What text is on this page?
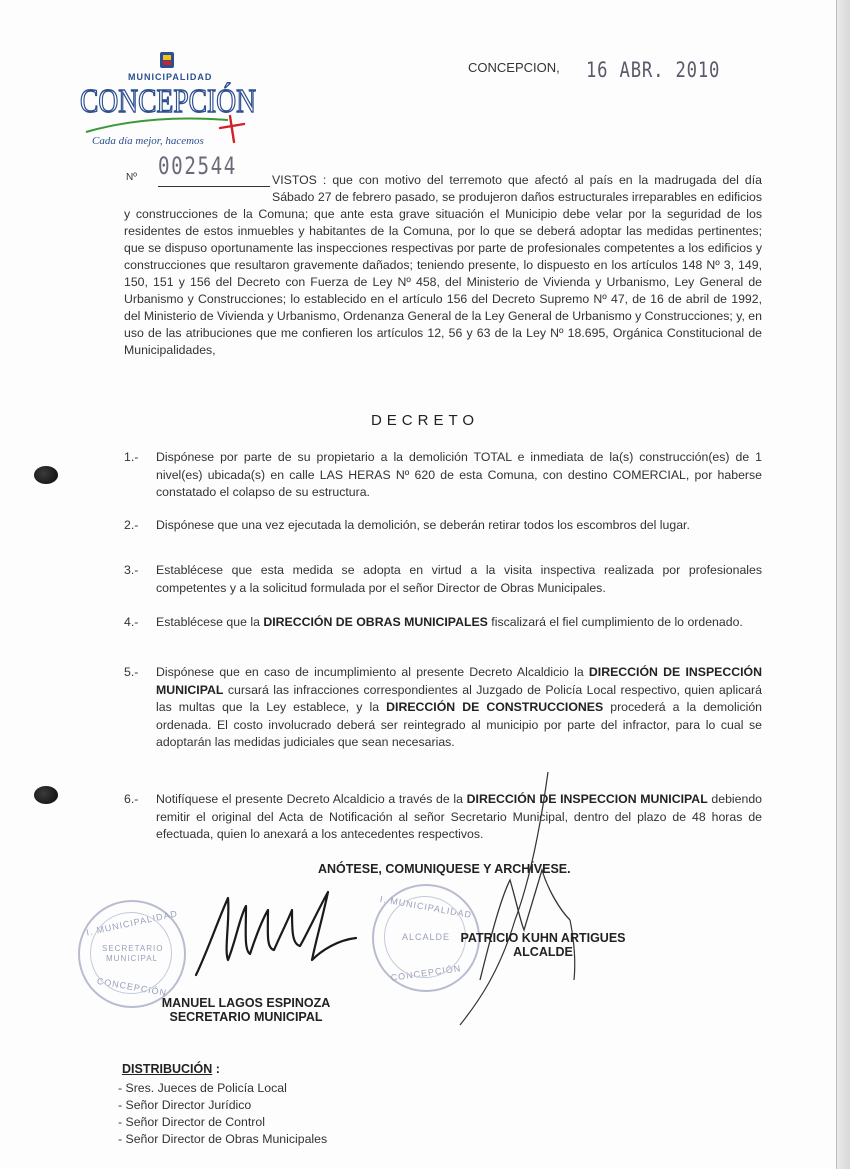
MUNICIPALIDAD
CONCEPCIÓN
Cada día mejor, hacemos
CONCEPCION, 16 ABR. 2010
Nº 002544	VISTOS : que con motivo del terremoto que afectó al país en la madrugada del día Sábado 27 de febrero pasado, se produjeron daños estructurales irreparables en edificios y construcciones de la Comuna; que ante esta grave situación el Municipio debe velar por la seguridad de los residentes de estos inmuebles y habitantes de la Comuna, por lo que se deberá adoptar las medidas pertinentes; que se dispuso oportunamente las inspecciones respectivas por parte de profesionales competentes a los edificios y construcciones que resultaron gravemente dañados; teniendo presente, lo dispuesto en los artículos 148 Nº 3, 149, 150, 151 y 156 del Decreto con Fuerza de Ley Nº 458, del Ministerio de Vivienda y Urbanismo, Ley General de Urbanismo y Construcciones; lo establecido en el artículo 156 del Decreto Supremo Nº 47, de 16 de abril de 1992, del Ministerio de Vivienda y Urbanismo, Ordenanza General de la Ley General de Urbanismo y Construcciones; y, en uso de las atribuciones que me confieren los artículos 12, 56 y 63 de la Ley Nº 18.695, Orgánica Constitucional de Municipalidades,
DECRETO
1.-	Dispónese por parte de su propietario a la demolición TOTAL e inmediata de la(s) construcción(es) de 1 nivel(es) ubicada(s) en calle LAS HERAS Nº 620 de esta Comuna, con destino COMERCIAL, por haberse constatado el colapso de su estructura.
2.-	Dispónese que una vez ejecutada la demolición, se deberán retirar todos los escombros del lugar.
3.-	Establécese que esta medida se adopta en virtud a la visita inspectiva realizada por profesionales competentes y a la solicitud formulada por el señor Director de Obras Municipales.
4.-	Establécese que la DIRECCIÓN DE OBRAS MUNICIPALES fiscalizará el fiel cumplimiento de lo ordenado.
5.-	Dispónese que en caso de incumplimiento al presente Decreto Alcaldicio la DIRECCIÓN DE INSPECCIÓN MUNICIPAL cursará las infracciones correspondientes al Juzgado de Policía Local respectivo, quien aplicará las multas que la Ley establece, y la DIRECCIÓN DE CONSTRUCCIONES procederá a la demolición ordenada. El costo involucrado deberá ser reintegrado al municipio por parte del infractor, para lo cual se adoptarán las medidas judiciales que sean necesarias.
6.-	Notifíquese el presente Decreto Alcaldicio a través de la DIRECCIÓN DE INSPECCION MUNICIPAL debiendo remitir el original del Acta de Notificación al señor Secretario Municipal, dentro del plazo de 48 horas de efectuada, quien lo anexará a los antecedentes respectivos.
ANÓTESE, COMUNIQUESE Y ARCHÍVESE.
I. MUNICIPALIDAD
SECRETARIO MUNICIPAL
CONCEPCIÓN
I. MUNICIPALIDAD
ALCALDE
CONCEPCIÓN
PATRICIO KUHN ARTIGUES
ALCALDE
MANUEL LAGOS ESPINOZA
SECRETARIO MUNICIPAL
DISTRIBUCIÓN :
- Sres. Jueces de Policía Local
- Señor Director Jurídico
- Señor Director de Control
- Señor Director de Obras Municipales
